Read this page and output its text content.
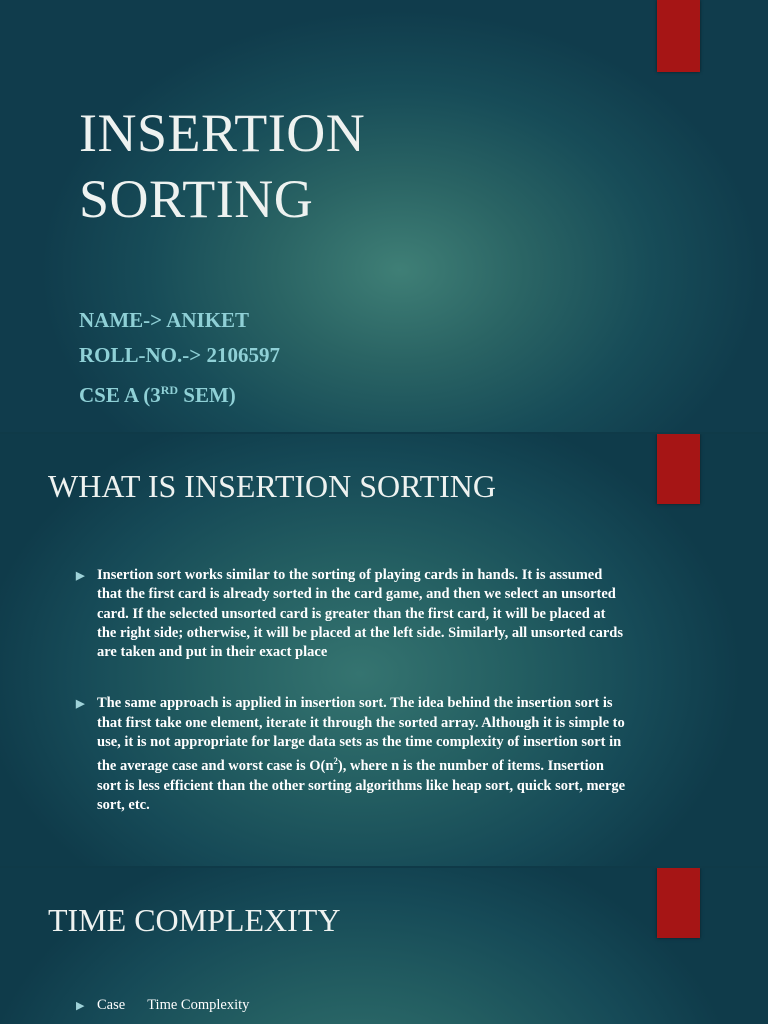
INSERTION
SORTING
NAME-> ANIKET
ROLL-NO.-> 2106597
CSE A (3RD SEM)
WHAT IS INSERTION SORTING
▶ Insertion sort works similar to the sorting of playing cards in hands. It is assumed that the first card is already sorted in the card game, and then we select an unsorted card. If the selected unsorted card is greater than the first card, it will be placed at the right side; otherwise, it will be placed at the left side. Similarly, all unsorted cards are taken and put in their exact place
▶ The same approach is applied in insertion sort. The idea behind the insertion sort is that first take one element, iterate it through the sorted array. Although it is simple to use, it is not appropriate for large data sets as the time complexity of insertion sort in the average case and worst case is $O(n^2)$, where n is the number of items. Insertion sort is less efficient than the other sorting algorithms like heap sort, quick sort, merge sort, etc.
TIME COMPLEXITY
▶ Case Time Complexity
